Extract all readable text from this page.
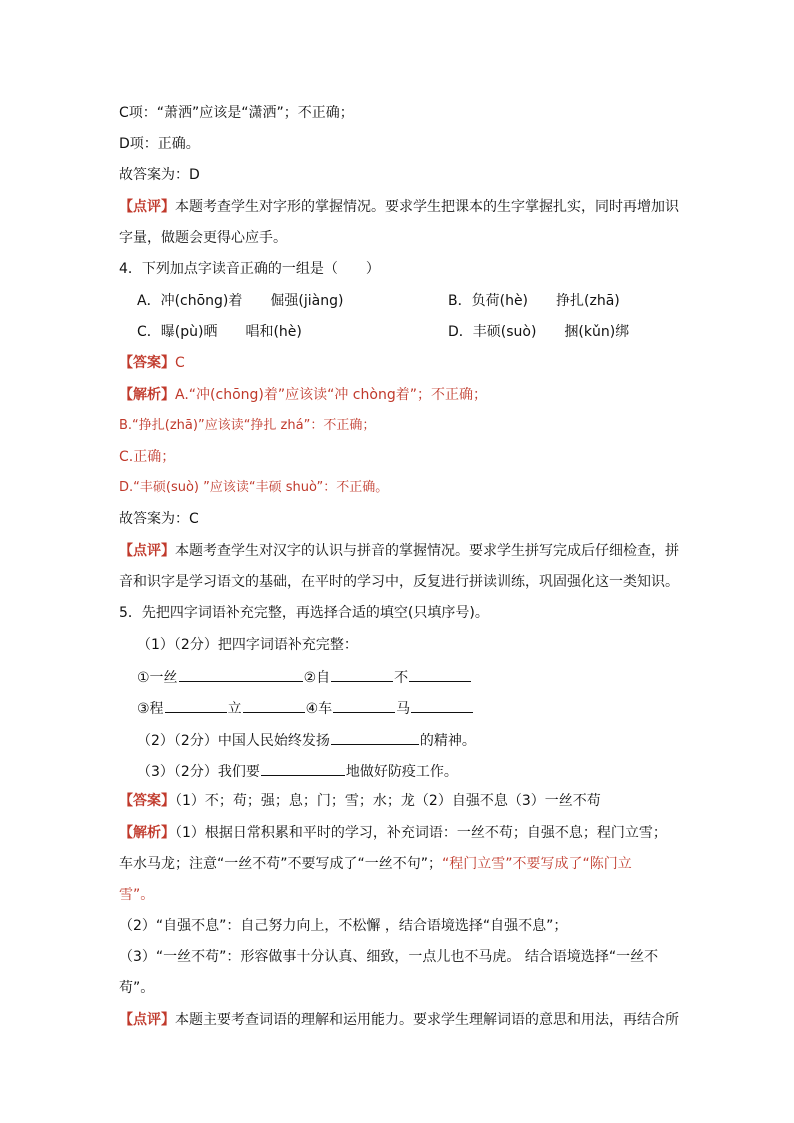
C项：“萧洒”应该是“潇洒”；不正确；
D项：正确。
故答案为：D
【点评】本题考查学生对字形的掌握情况。要求学生把课本的生字掌握扎实，同时再增加识
字量，做题会更得心应手。
4．下列加点字读音正确的一组是（　　）
A．冲(chōng)着　　倔强(jiàng)	B．负荷(hè)　　挣扎(zhā)
C．曝(pù)晒　　唱和(hè)	D．丰硕(suò)　　捆(kǔn)绑
【答案】C
【解析】A.“冲(chōng)着”应该读“冲 chòng着”；不正确；
B.“挣扎(zhā)”应该读“挣扎 zhá”：不正确；
C.正确；
D.“丰硕(suò) ”应该读“丰硕 shuò”：不正确。
故答案为：C
【点评】本题考查学生对汉字的认识与拼音的掌握情况。要求学生拼写完成后仔细检查，拼
音和识字是学习语文的基础，在平时的学习中，反复进行拼读训练，巩固强化这一类知识。
5．先把四字词语补充完整，再选择合适的填空(只填序号)。
（1）（2分）把四字词语补充完整：
①一丝	②自	不
③程	立	④车	马
（2）（2分）中国人民始终发扬	的精神。
（3）（2分）我们要	地做好防疫工作。
【答案】（1）不；苟；强；息；门；雪；水；龙（2）自强不息（3）一丝不苟
【解析】（1）根据日常积累和平时的学习，补充词语：一丝不苟；自强不息；程门立雪；
车水马龙；注意“一丝不苟”不要写成了“一丝不句”；“程门立雪”不要写成了“陈门立
雪”。
（2）“自强不息”：自己努力向上，不松懈 ，结合语境选择“自强不息”；
（3）“一丝不苟”：形容做事十分认真、细致，一点儿也不马虎。 结合语境选择“一丝不
苟”。
【点评】本题主要考查词语的理解和运用能力。要求学生理解词语的意思和用法，再结合所
